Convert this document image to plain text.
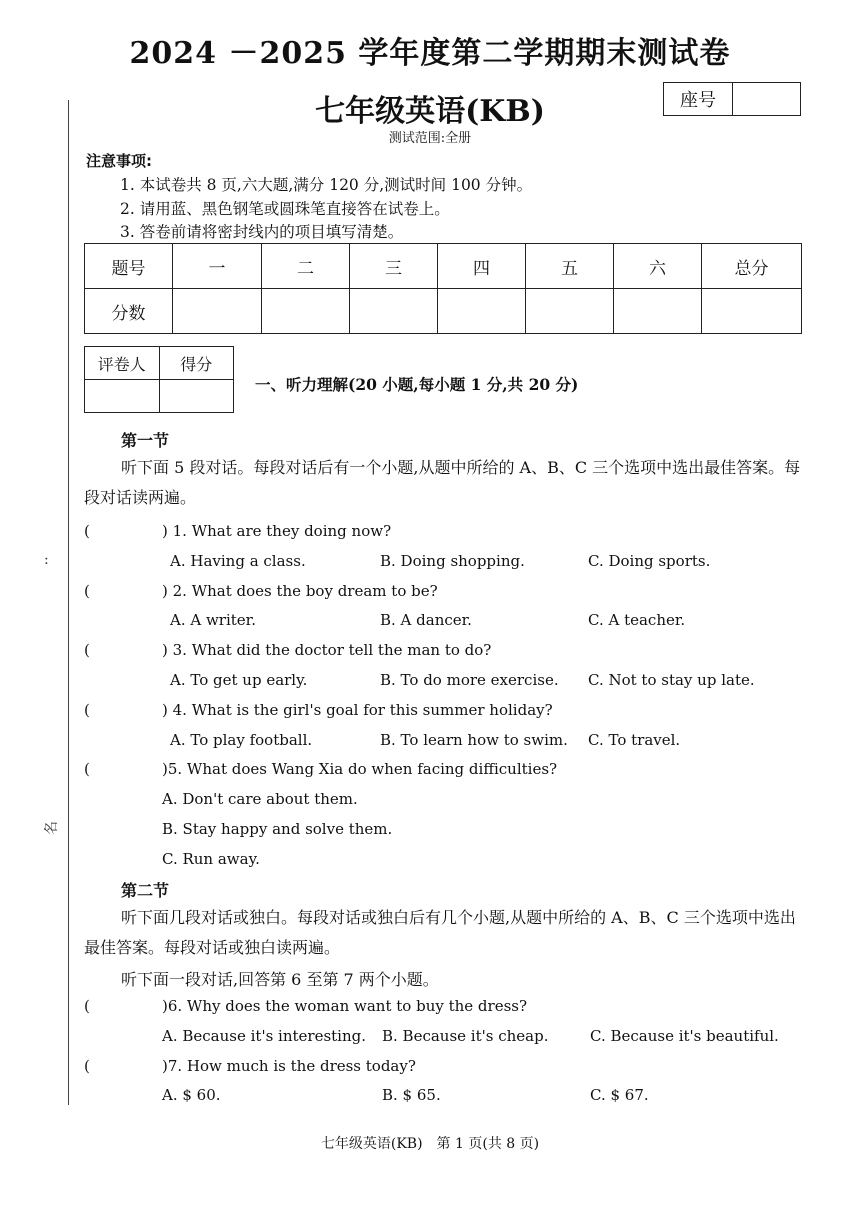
:
名
2024 －2025 学年度第二学期期末测试卷
七年级英语(KB)	座号
测试范围:全册
注意事项:
1. 本试卷共 8 页,六大题,满分 120 分,测试时间 100 分钟。
2. 请用蓝、黑色钢笔或圆珠笔直接答在试卷上。
3. 答卷前请将密封线内的项目填写清楚。
题号	一	二	三	四	五	六	总分
分数							
评卷人	得分

一、听力理解(20 小题,每小题 1 分,共 20 分)
第一节
听下面 5 段对话。每段对话后有一个小题,从题中所给的 A、B、C 三个选项中选出最佳答案。每段对话读两遍。
(	) 1. What are they doing now?
A. Having a class.	B. Doing shopping.	C. Doing sports.
(	) 2. What does the boy dream to be?
A. A writer.	B. A dancer.	C. A teacher.
(	) 3. What did the doctor tell the man to do?
A. To get up early.	B. To do more exercise. C. Not to stay up late.
(	) 4. What is the girl's goal for this summer holiday?
A. To play football.	B. To learn how to swim. C. To travel.
(	)5. What does Wang Xia do when facing difficulties?
A. Don't care about them.
B. Stay happy and solve them.
C. Run away.
第二节
听下面几段对话或独白。每段对话或独白后有几个小题,从题中所给的 A、B、C 三个选项中选出最佳答案。每段对话或独白读两遍。
听下面一段对话,回答第 6 至第 7 两个小题。
(	)6. Why does the woman want to buy the dress?
A. Because it's interesting. B. Because it's cheap.	C. Because it's beautiful.
(	)7. How much is the dress today?
A. $ 60.	B. $ 65.	C. $ 67.
七年级英语(KB)　第 1 页(共 8 页)
